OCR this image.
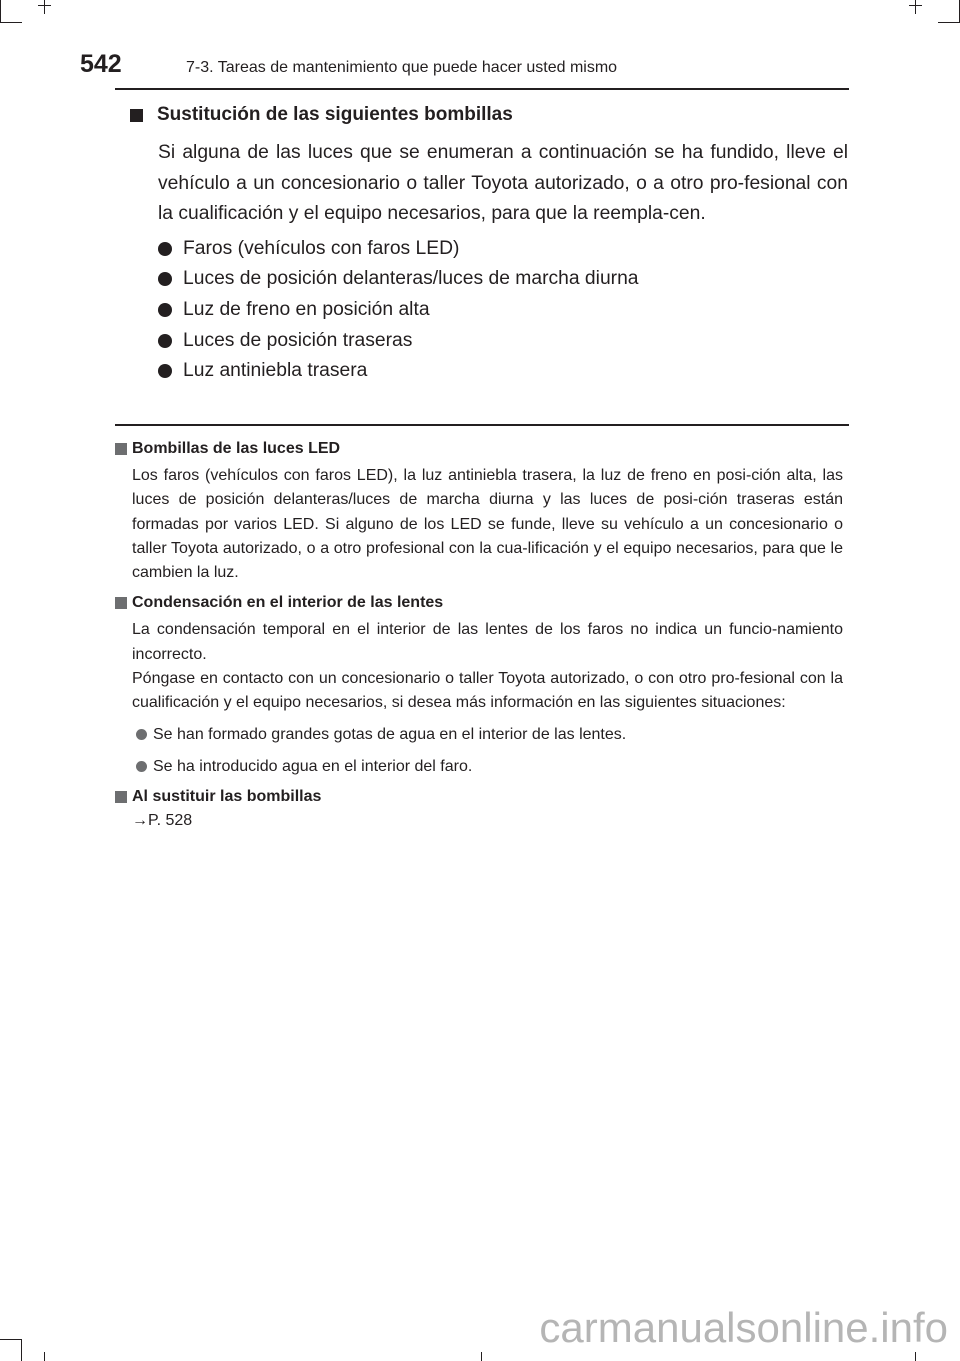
542	7-3. Tareas de mantenimiento que puede hacer usted mismo
Sustitución de las siguientes bombillas
Si alguna de las luces que se enumeran a continuación se ha fundido, lleve el vehículo a un concesionario o taller Toyota autorizado, o a otro pro-fesional con la cualificación y el equipo necesarios, para que la reempla-cen.
Faros (vehículos con faros LED)
Luces de posición delanteras/luces de marcha diurna
Luz de freno en posición alta
Luces de posición traseras
Luz antiniebla trasera
Bombillas de las luces LED
Los faros (vehículos con faros LED), la luz antiniebla trasera, la luz de freno en posi-ción alta, las luces de posición delanteras/luces de marcha diurna y las luces de posi-ción traseras están formadas por varios LED. Si alguno de los LED se funde, lleve su vehículo a un concesionario o taller Toyota autorizado, o a otro profesional con la cua-lificación y el equipo necesarios, para que le cambien la luz.
Condensación en el interior de las lentes
La condensación temporal en el interior de las lentes de los faros no indica un funcio-namiento incorrecto.
Póngase en contacto con un concesionario o taller Toyota autorizado, o con otro pro-fesional con la cualificación y el equipo necesarios, si desea más información en las siguientes situaciones:
Se han formado grandes gotas de agua en el interior de las lentes.
Se ha introducido agua en el interior del faro.
Al sustituir las bombillas
→P. 528
carmanualsonline.info
